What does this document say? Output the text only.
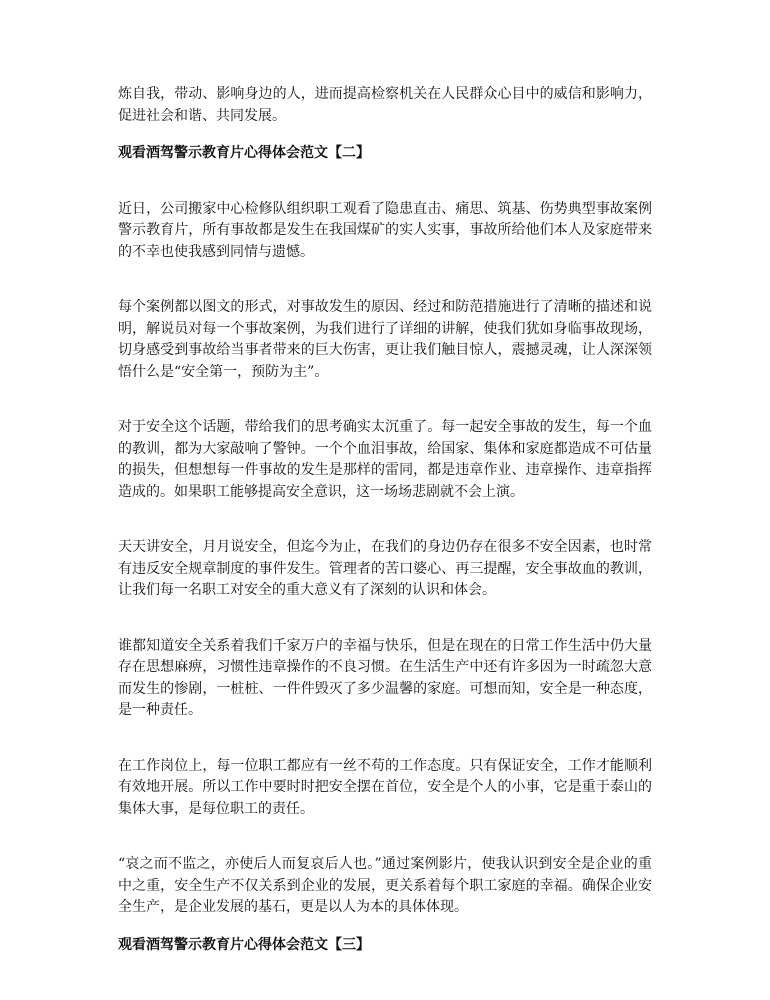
炼自我，带动、影响身边的人，进而提高检察机关在人民群众心目中的威信和影响力，促进社会和谐、共同发展。

观看酒驾警示教育片心得体会范文【二】

近日，公司搬家中心检修队组织职工观看了隐患直击、痛思、筑基、伤势典型事故案例警示教育片，所有事故都是发生在我国煤矿的实人实事，事故所给他们本人及家庭带来的不幸也使我感到同情与遗憾。

每个案例都以图文的形式，对事故发生的原因、经过和防范措施进行了清晰的描述和说明，解说员对每一个事故案例，为我们进行了详细的讲解，使我们犹如身临事故现场，切身感受到事故给当事者带来的巨大伤害，更让我们触目惊人，震撼灵魂，让人深深领悟什么是“安全第一，预防为主”。

对于安全这个话题，带给我们的思考确实太沉重了。每一起安全事故的发生，每一个血的教训，都为大家敲响了警钟。一个个血泪事故，给国家、集体和家庭都造成不可估量的损失，但想想每一件事故的发生是那样的雷同，都是违章作业、违章操作、违章指挥造成的。如果职工能够提高安全意识，这一场场悲剧就不会上演。

天天讲安全，月月说安全，但迄今为止，在我们的身边仍存在很多不安全因素，也时常有违反安全规章制度的事件发生。管理者的苦口婆心、再三提醒，安全事故血的教训，让我们每一名职工对安全的重大意义有了深刻的认识和体会。

谁都知道安全关系着我们千家万户的幸福与快乐，但是在现在的日常工作生活中仍大量存在思想麻痹，习惯性违章操作的不良习惯。在生活生产中还有许多因为一时疏忽大意而发生的惨剧，一桩桩、一件件毁灭了多少温馨的家庭。可想而知，安全是一种态度，是一种责任。

在工作岗位上，每一位职工都应有一丝不苟的工作态度。只有保证安全，工作才能顺利有效地开展。所以工作中要时时把安全摆在首位，安全是个人的小事，它是重于泰山的集体大事，是每位职工的责任。

“哀之而不监之，亦使后人而复哀后人也。”通过案例影片，使我认识到安全是企业的重中之重，安全生产不仅关系到企业的发展，更关系着每个职工家庭的幸福。确保企业安全生产，是企业发展的基石，更是以人为本的具体体现。

观看酒驾警示教育片心得体会范文【三】
